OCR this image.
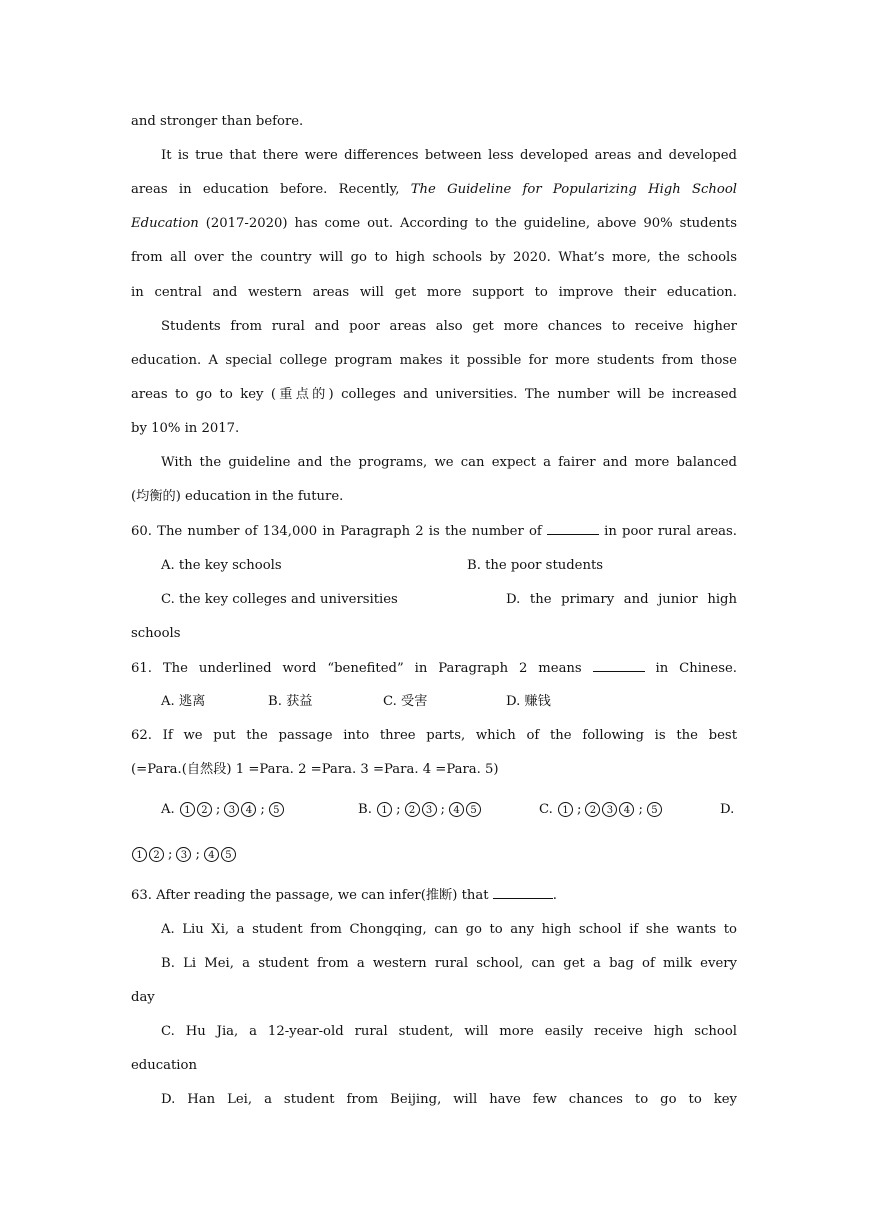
and stronger than before.
It is true that there were differences between less developed areas and developed
areas in education before. Recently, The Guideline for Popularizing High School
Education (2017-2020) has come out. According to the guideline, above 90% students
from all over the country will go to high schools by 2020. What’s more, the schools
in central and western areas will get more support to improve their education.
Students from rural and poor areas also get more chances to receive higher
education. A special college program makes it possible for more students from those
areas to go to key (重点的) colleges and universities. The number will be increased
by 10% in 2017.
With the guideline and the programs, we can expect a fairer and more balanced
(均衡的) education in the future.
60. The number of 134,000 in Paragraph 2 is the number of	in poor rural areas.
A. the key schools	B. the poor students
C. the key colleges and universities	D. the primary and junior high
schools
61. The underlined word “benefited” in Paragraph 2 means	in Chinese.
A. 逃离	B. 获益	C. 受害	D. 赚钱
62. If we put the passage into three parts, which of the following is the best
(=Para.(自然段) 1 =Para. 2 =Para. 3 =Para. 4 =Para. 5)
A. 1 2 ; 3 4 ; 5	B. 1 ; 2 3 ; 4 5	C. 1 ; 2 3 4 ; 5	D.
1 2 ; 3 ; 4 5
63. After reading the passage, we can infer(推断) that	.
A. Liu Xi, a student from Chongqing, can go to any high school if she wants to
B. Li Mei, a student from a western rural school, can get a bag of milk every
day
C. Hu Jia, a 12-year-old rural student, will more easily receive high school
education
D. Han Lei, a student from Beijing, will have few chances to go to key
